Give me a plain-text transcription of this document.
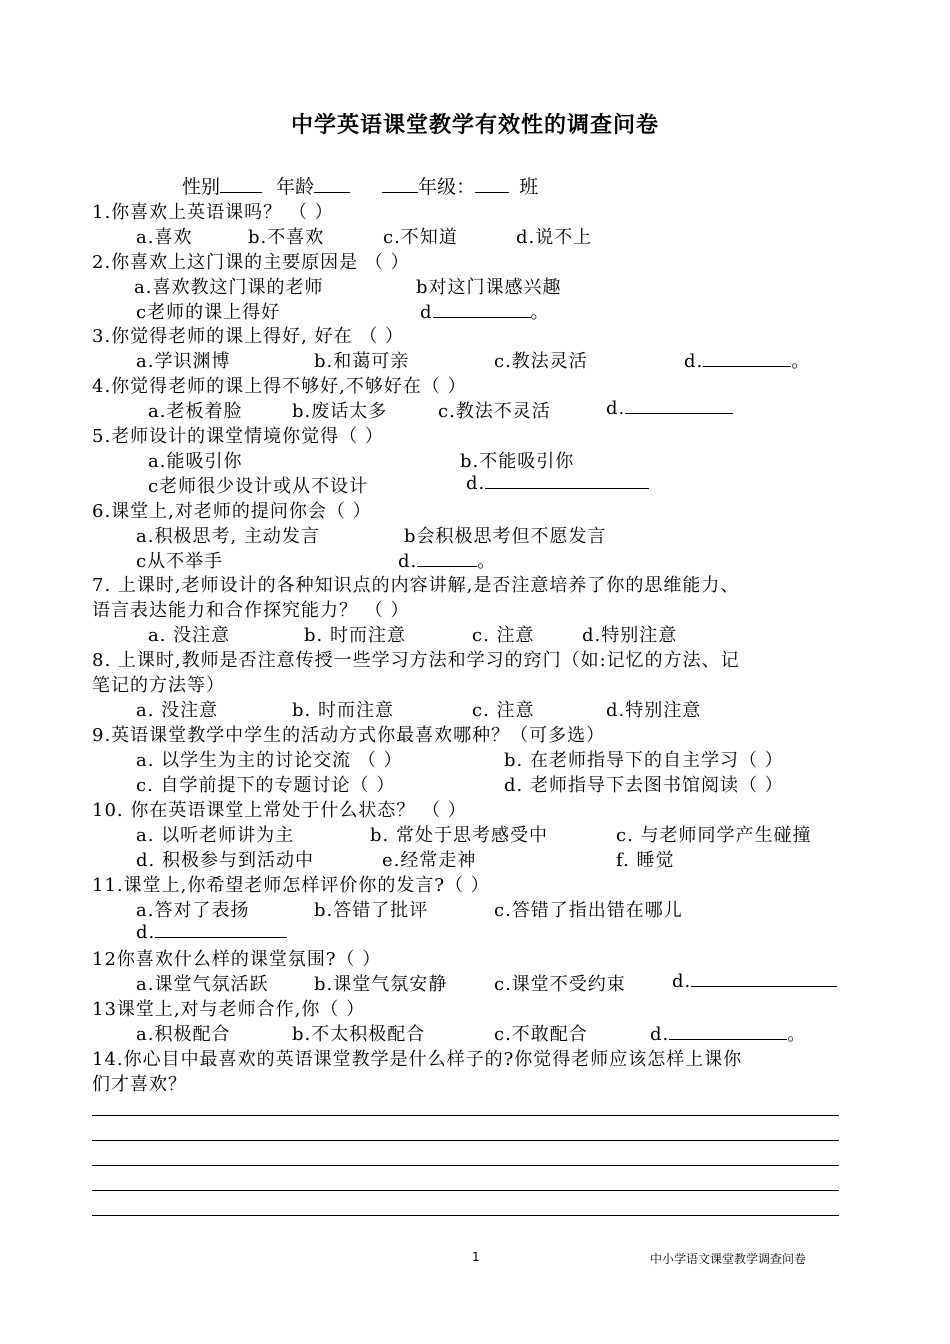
中学英语课堂教学有效性的调查问卷
性别	年龄	年级： 班
1.你喜欢上英语课吗？ （ ）
a.喜欢	b.不喜欢	c.不知道	d.说不上
2.你喜欢上这门课的主要原因是 （ ）
a.喜欢教这门课的老师	b对这门课感兴趣
c老师的课上得好	d	。
3.你觉得老师的课上得好, 好在 （ ）
a.学识渊博	b.和蔼可亲	c.教法灵活	d.	。
4.你觉得老师的课上得不够好,不够好在（ ）
a.老板着脸	b.废话太多	c.教法不灵活	d.
5.老师设计的课堂情境你觉得（ ）
a.能吸引你	b.不能吸引你
c老师很少设计或从不设计	d.
6.课堂上,对老师的提问你会（ ）
a.积极思考, 主动发言	b会积极思考但不愿发言
c从不举手	d.	。
7. 上课时,老师设计的各种知识点的内容讲解,是否注意培养了你的思维能力、
语言表达能力和合作探究能力？ （ ）
a. 没注意	b. 时而注意	c. 注意	d.特别注意
8. 上课时,教师是否注意传授一些学习方法和学习的窍门（如:记忆的方法、记
笔记的方法等）
a. 没注意	b. 时而注意	c. 注意	d.特别注意
9.英语课堂教学中学生的活动方式你最喜欢哪种？（可多选）
a. 以学生为主的讨论交流 （ ）	b. 在老师指导下的自主学习（ ）
c. 自学前提下的专题讨论（ ）	d. 老师指导下去图书馆阅读（ ）
10. 你在英语课堂上常处于什么状态？ （ ）
a. 以听老师讲为主	b. 常处于思考感受中	c. 与老师同学产生碰撞
d. 积极参与到活动中	e.经常走神	f. 睡觉
11.课堂上,你希望老师怎样评价你的发言?（ ）
a.答对了表扬	b.答错了批评	c.答错了指出错在哪儿
d.
12你喜欢什么样的课堂氛围?（ ）
a.课堂气氛活跃	b.课堂气氛安静	c.课堂不受约束	d.
13课堂上,对与老师合作,你（ ）
a.积极配合	b.不太积极配合	c.不敢配合	d.	。
14.你心目中最喜欢的英语课堂教学是什么样子的?你觉得老师应该怎样上课你
们才喜欢？
1	中小学语文课堂教学调查问卷
